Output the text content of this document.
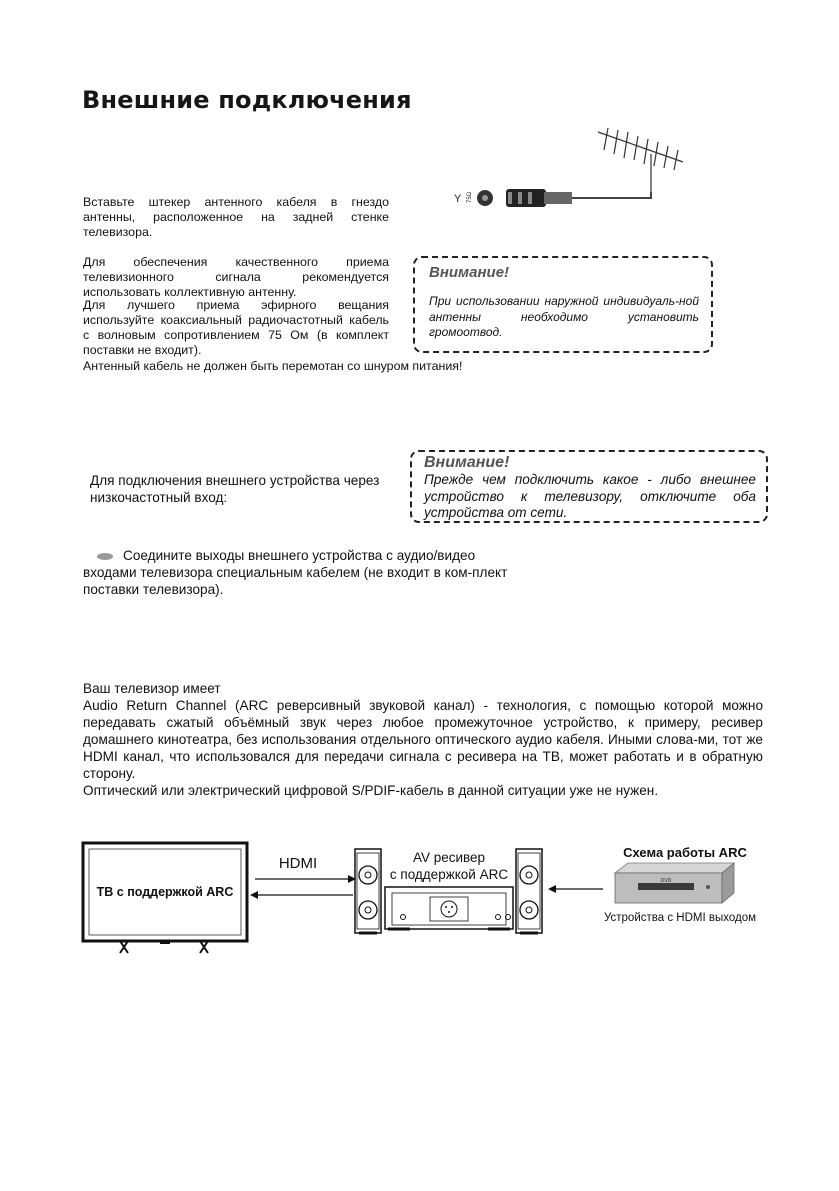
Внешние подключения
Y 75Ω
Вставьте штекер антенного кабеля в гнездо антенны, расположенное на задней стенке телевизора.
Для обеспечения качественного приема телевизионного сигнала рекомендуется использовать коллективную антенну.
Для лучшего приема эфирного вещания используйте коаксиальный радиочастотный кабель с волновым сопротивлением 75 Ом (в комплект поставки не входит).
Антенный кабель не должен быть перемотан со шнуром питания!
Внимание!
При использовании наружной индивидуаль-ной антенны необходимо установить громоотвод.
Для подключения внешнего устройства через низкочастотный вход:
Внимание!
Прежде чем подключить какое - либо внешнее устройство к телевизору, отключите оба устройства от сети.
Соедините выходы внешнего устройства с аудио/видео входами телевизора специальным кабелем (не входит в ком-плект поставки телевизора).
Ваш телевизор имеет
Audio Return Channel (ARC реверсивный звуковой канал) - технология, с помощью которой можно передавать сжатый объёмный звук через любое промежуточное устройство, к примеру, ресивер домашнего кинотеатра, без использования отдельного оптического аудио кабеля. Иными слова-ми, тот же HDMI канал, что использовался для передачи сигнала с ресивера на ТВ, может работать и в обратную сторону.
Оптический или электрический цифровой S/PDIF-кабель в данной ситуации уже не нужен.
ТВ с поддержкой ARC
HDMI	AV ресивер
с поддержкой ARC
Схема работы ARC
DVD
Устройства с HDMI выходом
